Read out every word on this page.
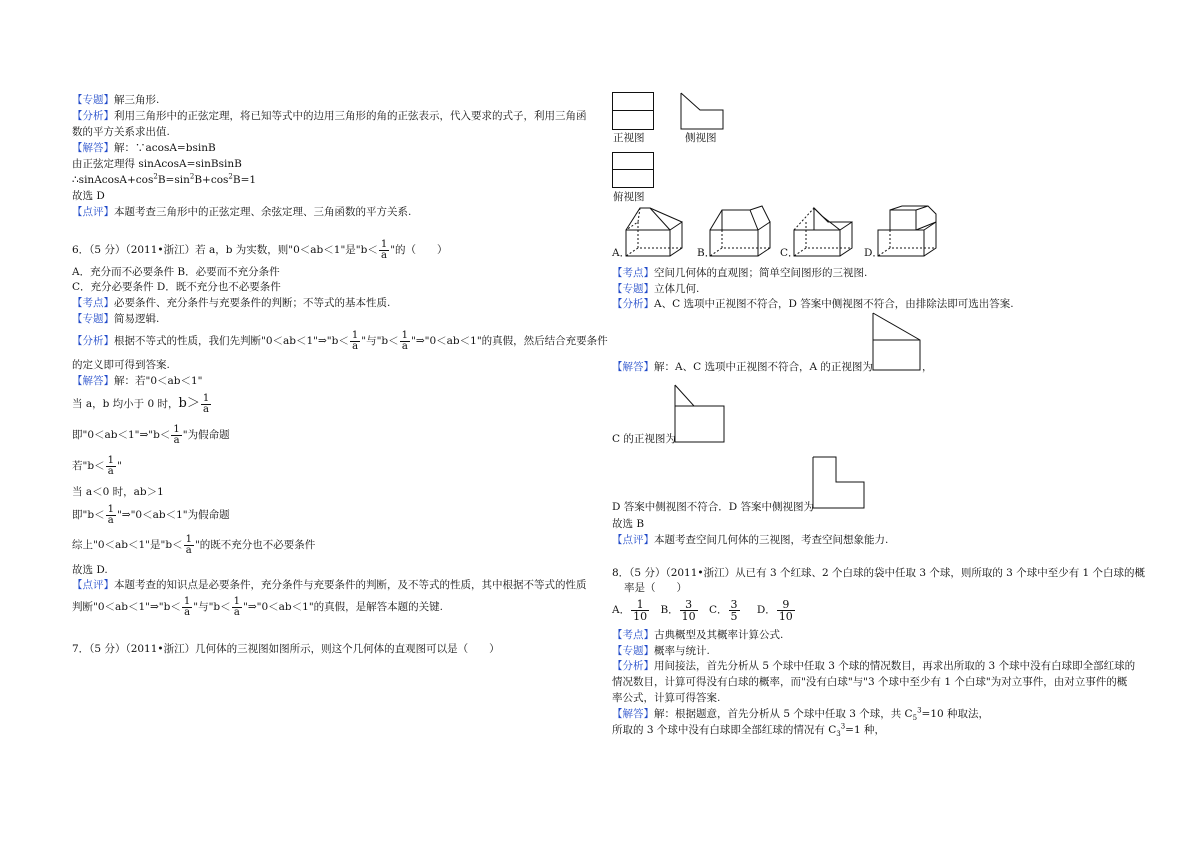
【专题】解三角形.
【分析】利用三角形中的正弦定理，将已知等式中的边用三角形的角的正弦表示，代入要求的式子，利用三角函
数的平方关系求出值.
【解答】解：∵acosA=bsinB
由正弦定理得 sinAcosA=sinBsinB
$\therefore sinAcosA+\cos^2B=\sin^2B+\cos^2B=1$
故选 D
【点评】本题考查三角形中的正弦定理、余弦定理、三角函数的平方关系.
6．（5 分）（2011•浙江）若 a，b 为实数，则"0＜ab＜1"是"$b< \frac{1}{a}$ "的（　　）
A．充分而不必要条件 B．必要而不充分条件
C．充分必要条件 D．既不充分也不必要条件
【考点】必要条件、充分条件与充要条件的判断；不等式的基本性质.
【专题】简易逻辑.
【分析】根据不等式的性质，我们先判断"0＜ab＜1"⇒"b＜ $\frac{1}{a}$ "与"$b< \frac{1}{a}$ "⇒"0＜ab＜1"的真假，然后结合充要条件
的定义即可得到答案.
【解答】解：若"0＜ab＜1"
当 a，b 均小于 0 时，$b> \frac{1}{a}$
即"0＜ab＜1"⇒"b＜ $\frac{1}{a}$ "为假命题
若"$b< \frac{1}{a}$ "
当 a＜0 时，ab＞1
即"$b< \frac{1}{a}$ "⇒"0＜ab＜1"为假命题
综上"0＜ab＜1"是"$b< \frac{1}{a}$ "的既不充分也不必要条件
故选 D.
【点评】本题考查的知识点是必要条件，充分条件与充要条件的判断，及不等式的性质，其中根据不等式的性质
判断"0＜ab＜1"⇒"b＜ $\frac{1}{a}$ "与"$b< \frac{1}{a}$ "⇒"0＜ab＜1"的真假，是解答本题的关键.
7．（5 分）（2011•浙江）几何体的三视图如图所示，则这个几何体的直观图可以是（　　）
正视图	侧视图
俯视图
A．	B．	C．	D．
【考点】空间几何体的直观图；简单空间图形的三视图.
【专题】立体几何.
【分析】A、C 选项中正视图不符合，D 答案中侧视图不符合，由排除法即可选出答案.
【解答】解：A、C 选项中正视图不符合，A 的正视图为	，
C 的正视图为
D 答案中侧视图不符合．D 答案中侧视图为
故选 B
【点评】本题考查空间几何体的三视图，考查空间想象能力.
8．（5 分）（2011•浙江）从已有 3 个红球、2 个白球的袋中任取 3 个球，则所取的 3 个球中至少有 1 个白球的概
率是（　　）
A． $\frac{1}{10}$ B． $\frac{3}{10}$ C． $\frac{3}{5}$ D． $\frac{9}{10}$
【考点】古典概型及其概率计算公式.
【专题】概率与统计.
【分析】用间接法，首先分析从 5 个球中任取 3 个球的情况数目，再求出所取的 3 个球中没有白球即全部红球的
情况数目，计算可得没有白球的概率，而"没有白球"与"3 个球中至少有 1 个白球"为对立事件，由对立事件的概
率公式，计算可得答案.
【解答】解：根据题意，首先分析从 5 个球中任取 3 个球，共 $C_5^3=10$ 种取法，
所取的 3 个球中没有白球即全部红球的情况有 $C_3^3=1$ 种，
